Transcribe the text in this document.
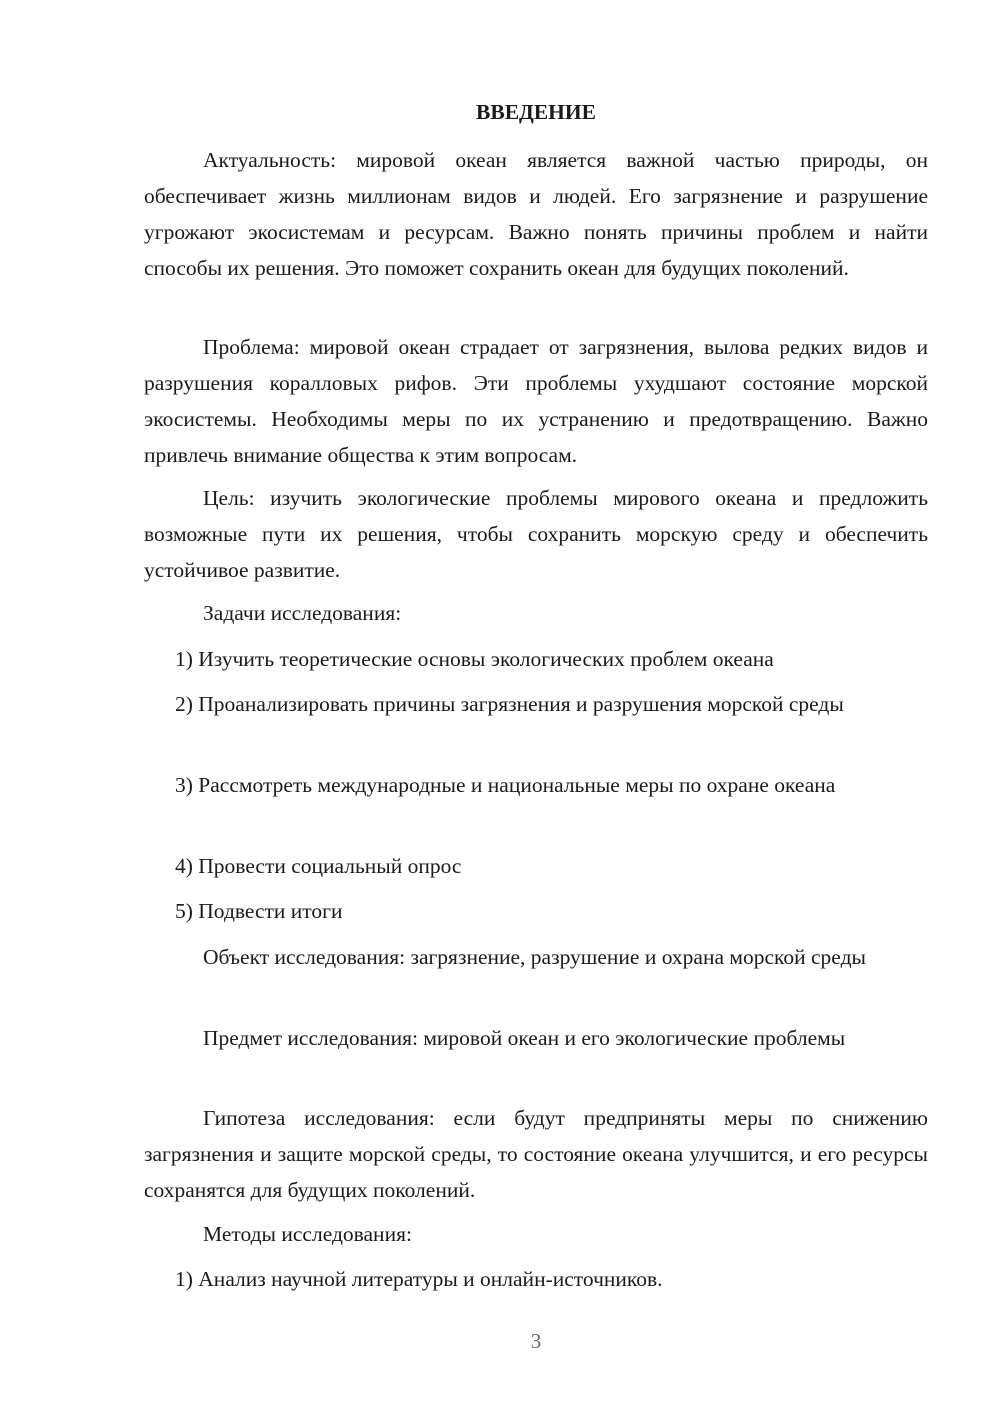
ВВЕДЕНИЕ

Актуальность: мировой океан является важной частью природы, он обеспечивает жизнь миллионам видов и людей. Его загрязнение и разрушение угрожают экосистемам и ресурсам. Важно понять причины проблем и найти способы их решения. Это поможет сохранить океан для будущих поколений.

Проблема: мировой океан страдает от загрязнения, вылова редких видов и разрушения коралловых рифов. Эти проблемы ухудшают состояние морской экосистемы. Необходимы меры по их устранению и предотвращению. Важно привлечь внимание общества к этим вопросам.

Цель: изучить экологические проблемы мирового океана и предложить возможные пути их решения, чтобы сохранить морскую среду и обеспечить устойчивое развитие.

Задачи исследования:

1) Изучить теоретические основы экологических проблем океана

2) Проанализировать причины загрязнения и разрушения морской среды

3) Рассмотреть международные и национальные меры по охране океана

4) Провести социальный опрос

5) Подвести итоги

Объект исследования: загрязнение, разрушение и охрана морской среды

Предмет исследования: мировой океан и его экологические проблемы

Гипотеза исследования: если будут предприняты меры по снижению загрязнения и защите морской среды, то состояние океана улучшится, и его ресурсы сохранятся для будущих поколений.

Методы исследования:

1) Анализ научной литературы и онлайн-источников.

3
